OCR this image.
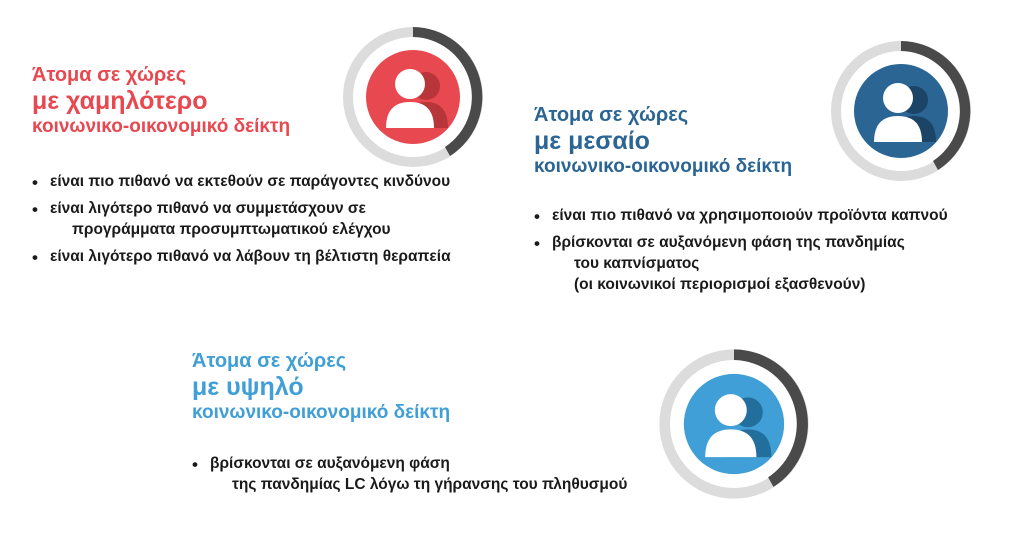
Άτομα σε χώρες
με χαμηλότερο
κοινωνικο-οικονομικό δείκτη
• είναι πιο πιθανό να εκτεθούν σε παράγοντες κινδύνου
• είναι λιγότερο πιθανό να συμμετάσχουν σε
προγράμματα προσυμπτωματικού ελέγχου
• είναι λιγότερο πιθανό να λάβουν τη βέλτιστη θεραπεία
Άτομα σε χώρες
με μεσαίο
κοινωνικο-οικονομικό δείκτη
• είναι πιο πιθανό να χρησιμοποιούν προϊόντα καπνού
• βρίσκονται σε αυξανόμενη φάση της πανδημίας
του καπνίσματος
(οι κοινωνικοί περιορισμοί εξασθενούν)
Άτομα σε χώρες
με υψηλό
κοινωνικο-οικονομικό δείκτη
• βρίσκονται σε αυξανόμενη φάση
της πανδημίας LC λόγω τη γήρανσης του πληθυσμού
